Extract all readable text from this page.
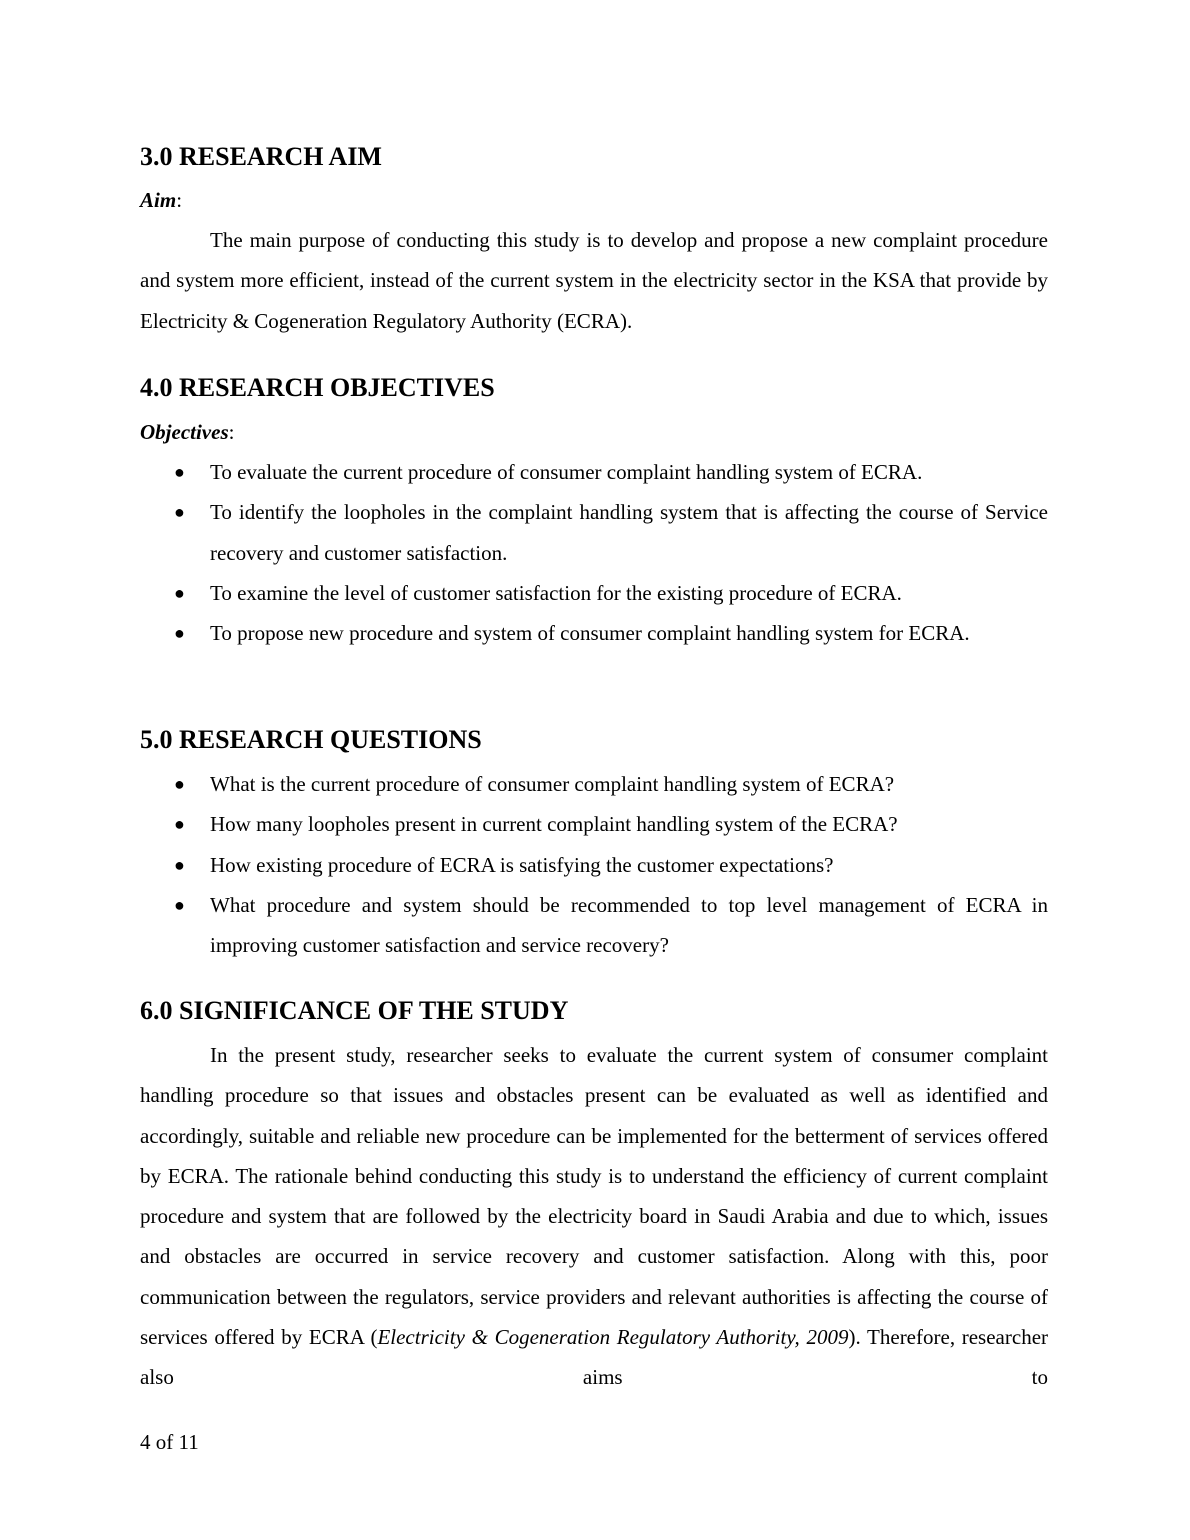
3.0 RESEARCH AIM
Aim:

The main purpose of conducting this study is to develop and propose a new complaint procedure and system more efficient, instead of the current system in the electricity sector in the KSA that provide by Electricity & Cogeneration Regulatory Authority (ECRA).

4.0 RESEARCH OBJECTIVES
Objectives:
● To evaluate the current procedure of consumer complaint handling system of ECRA.
● To identify the loopholes in the complaint handling system that is affecting the course of Service recovery and customer satisfaction.
● To examine the level of customer satisfaction for the existing procedure of ECRA.
● To propose new procedure and system of consumer complaint handling system for ECRA.
5.0 RESEARCH QUESTIONS
● What is the current procedure of consumer complaint handling system of ECRA?
● How many loopholes present in current complaint handling system of the ECRA?
● How existing procedure of ECRA is satisfying the customer expectations?
● What procedure and system should be recommended to top level management of ECRA in improving customer satisfaction and service recovery?
6.0 SIGNIFICANCE OF THE STUDY

In the present study, researcher seeks to evaluate the current system of consumer complaint handling procedure so that issues and obstacles present can be evaluated as well as identified and accordingly, suitable and reliable new procedure can be implemented for the betterment of services offered by ECRA. The rationale behind conducting this study is to understand the efficiency of current complaint procedure and system that are followed by the electricity board in Saudi Arabia and due to which, issues and obstacles are occurred in service recovery and customer satisfaction. Along with this, poor communication between the regulators, service providers and relevant authorities is affecting the course of services offered by ECRA (Electricity & Cogeneration Regulatory Authority, 2009). Therefore, researcher also aims to

4 of 11
